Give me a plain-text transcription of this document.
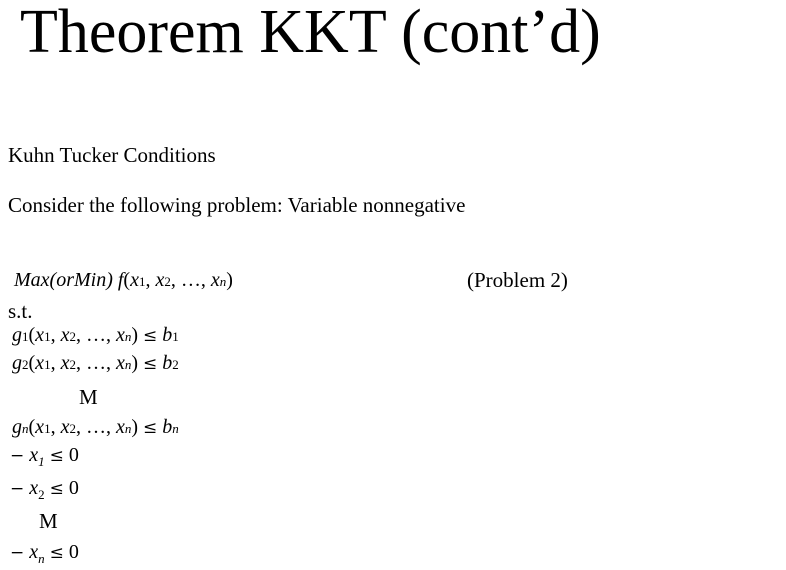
Theorem KKT (cont’d)
Kuhn Tucker Conditions
Consider the following problem: Variable nonnegative
Max(orMin) f(x1, x2, …, xn)	(Problem 2)
s.t.
g1(x1, x2, …, xn) ≤ b1
g2(x1, x2, …, xn) ≤ b2
M
gn(x1, x2, …, xn) ≤ bn
− $x_1 \le 0$
− $x_2 \le 0$
M
− $x_n \le 0$
